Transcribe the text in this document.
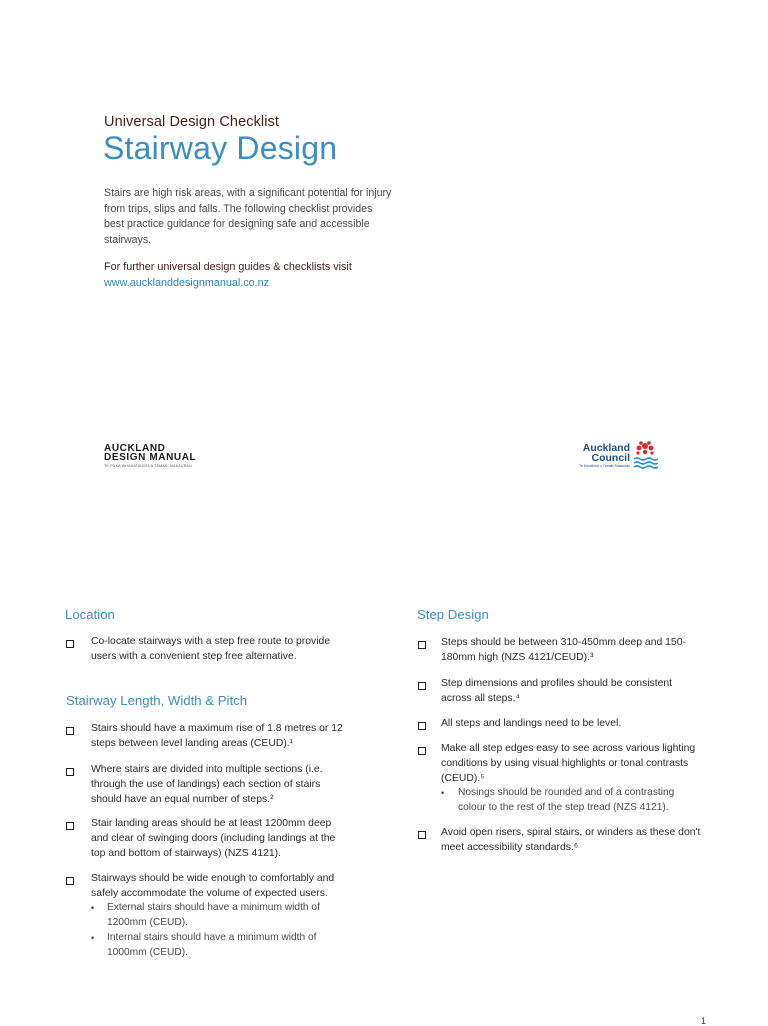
Universal Design Checklist
Stairway Design
Stairs are high risk areas, with a significant potential for injury from trips, slips and falls. The following checklist provides best practice guidance for designing safe and accessible stairways.
For further universal design guides & checklists visit
www.aucklanddesignmanual.co.nz
AUCKLAND
DESIGN MANUAL
TE PUKA WHAKATAUIRA A TĀMAKI MAKAURAU
Auckland
Council
Te Kaunihera o Tāmaki Makaurau
Location
Co-locate stairways with a step free route to provide users with a convenient step free alternative.
Stairway Length, Width & Pitch
Stairs should have a maximum rise of 1.8 metres or 12 steps between level landing areas (CEUD).¹
Where stairs are divided into multiple sections (i.e. through the use of landings) each section of stairs should have an equal number of steps.²
Stair landing areas should be at least 1200mm deep and clear of swinging doors (including landings at the top and bottom of stairways) (NZS 4121).
Stairways should be wide enough to comfortably and safely accommodate the volume of expected users.
• External stairs should have a minimum width of 1200mm (CEUD).
• Internal stairs should have a minimum width of 1000mm (CEUD).
Step Design
Steps should be between 310-450mm deep and 150-180mm high (NZS 4121/CEUD).³
Step dimensions and profiles should be consistent across all steps.⁴
All steps and landings need to be level.
Make all step edges easy to see across various lighting conditions by using visual highlights or tonal contrasts (CEUD).⁵
• Nosings should be rounded and of a contrasting colour to the rest of the step tread (NZS 4121).
Avoid open risers, spiral stairs, or winders as these don't meet accessibility standards.⁶
1
